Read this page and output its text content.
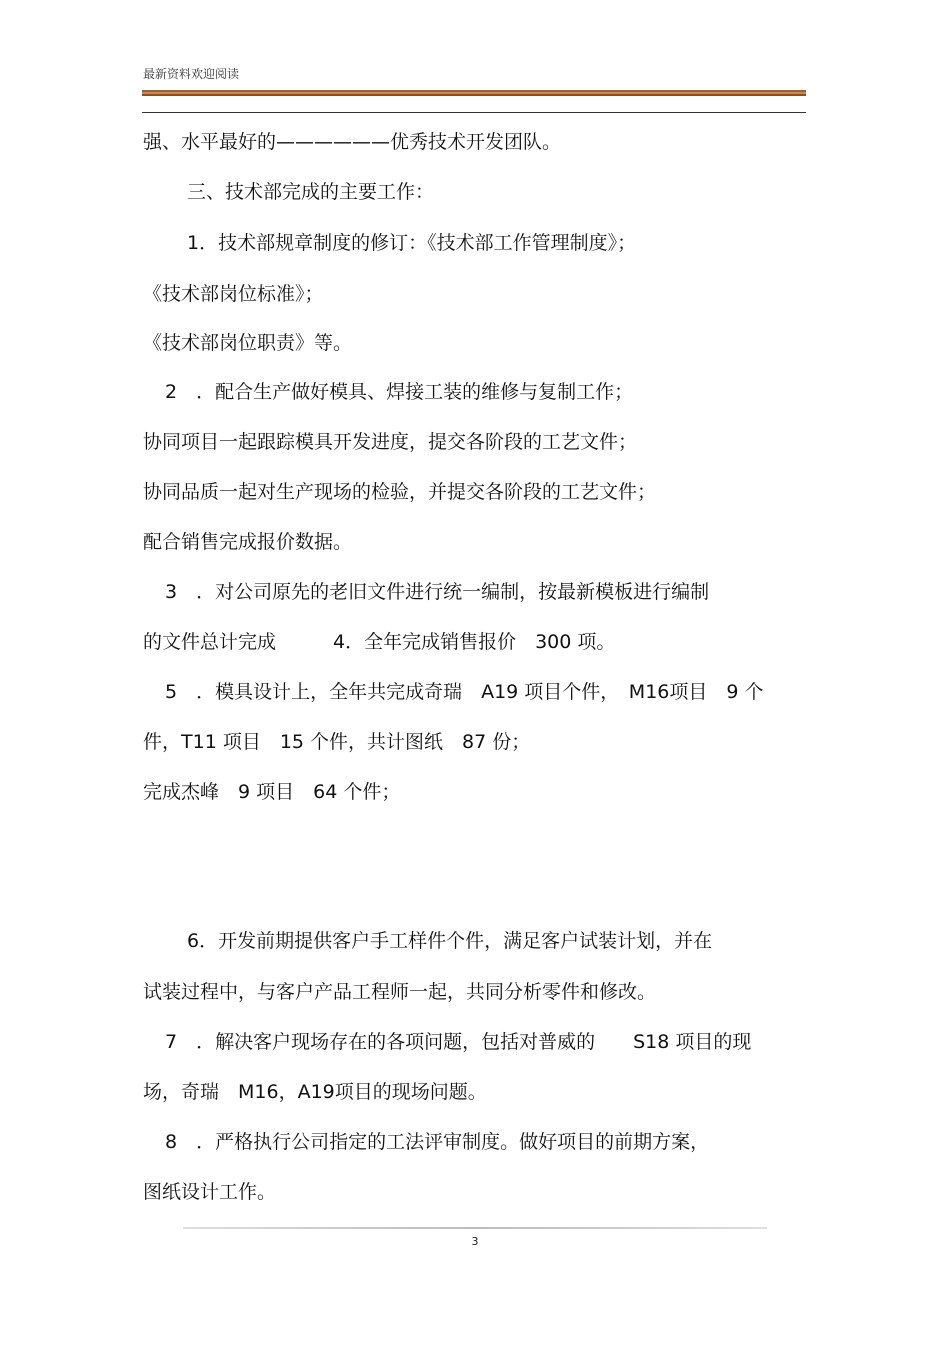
最新资料欢迎阅读
强、水平最好的——————优秀技术开发团队。
三、技术部完成的主要工作：
1．技术部规章制度的修订：《技术部工作管理制度》；
《技术部岗位标准》；
《技术部岗位职责》等。
2　．配合生产做好模具、焊接工装的维修与复制工作；
协同项目一起跟踪模具开发进度，提交各阶段的工艺文件；
协同品质一起对生产现场的检验，并提交各阶段的工艺文件；
配合销售完成报价数据。
3　．对公司原先的老旧文件进行统一编制，按最新模板进行编制
的文件总计完成　　　4．全年完成销售报价　300 项。
5　．模具设计上，全年共完成奇瑞　A19 项目个件，　M16项目　9 个
件，T11 项目　15 个件，共计图纸　87 份；
完成杰峰　9 项目　64 个件；
6．开发前期提供客户手工样件个件，满足客户试装计划，并在
试装过程中，与客户产品工程师一起，共同分析零件和修改。
7　．解决客户现场存在的各项问题，包括对普威的　　S18 项目的现
场，奇瑞　M16，A19项目的现场问题。
8　．严格执行公司指定的工法评审制度。做好项目的前期方案，
图纸设计工作。
3
